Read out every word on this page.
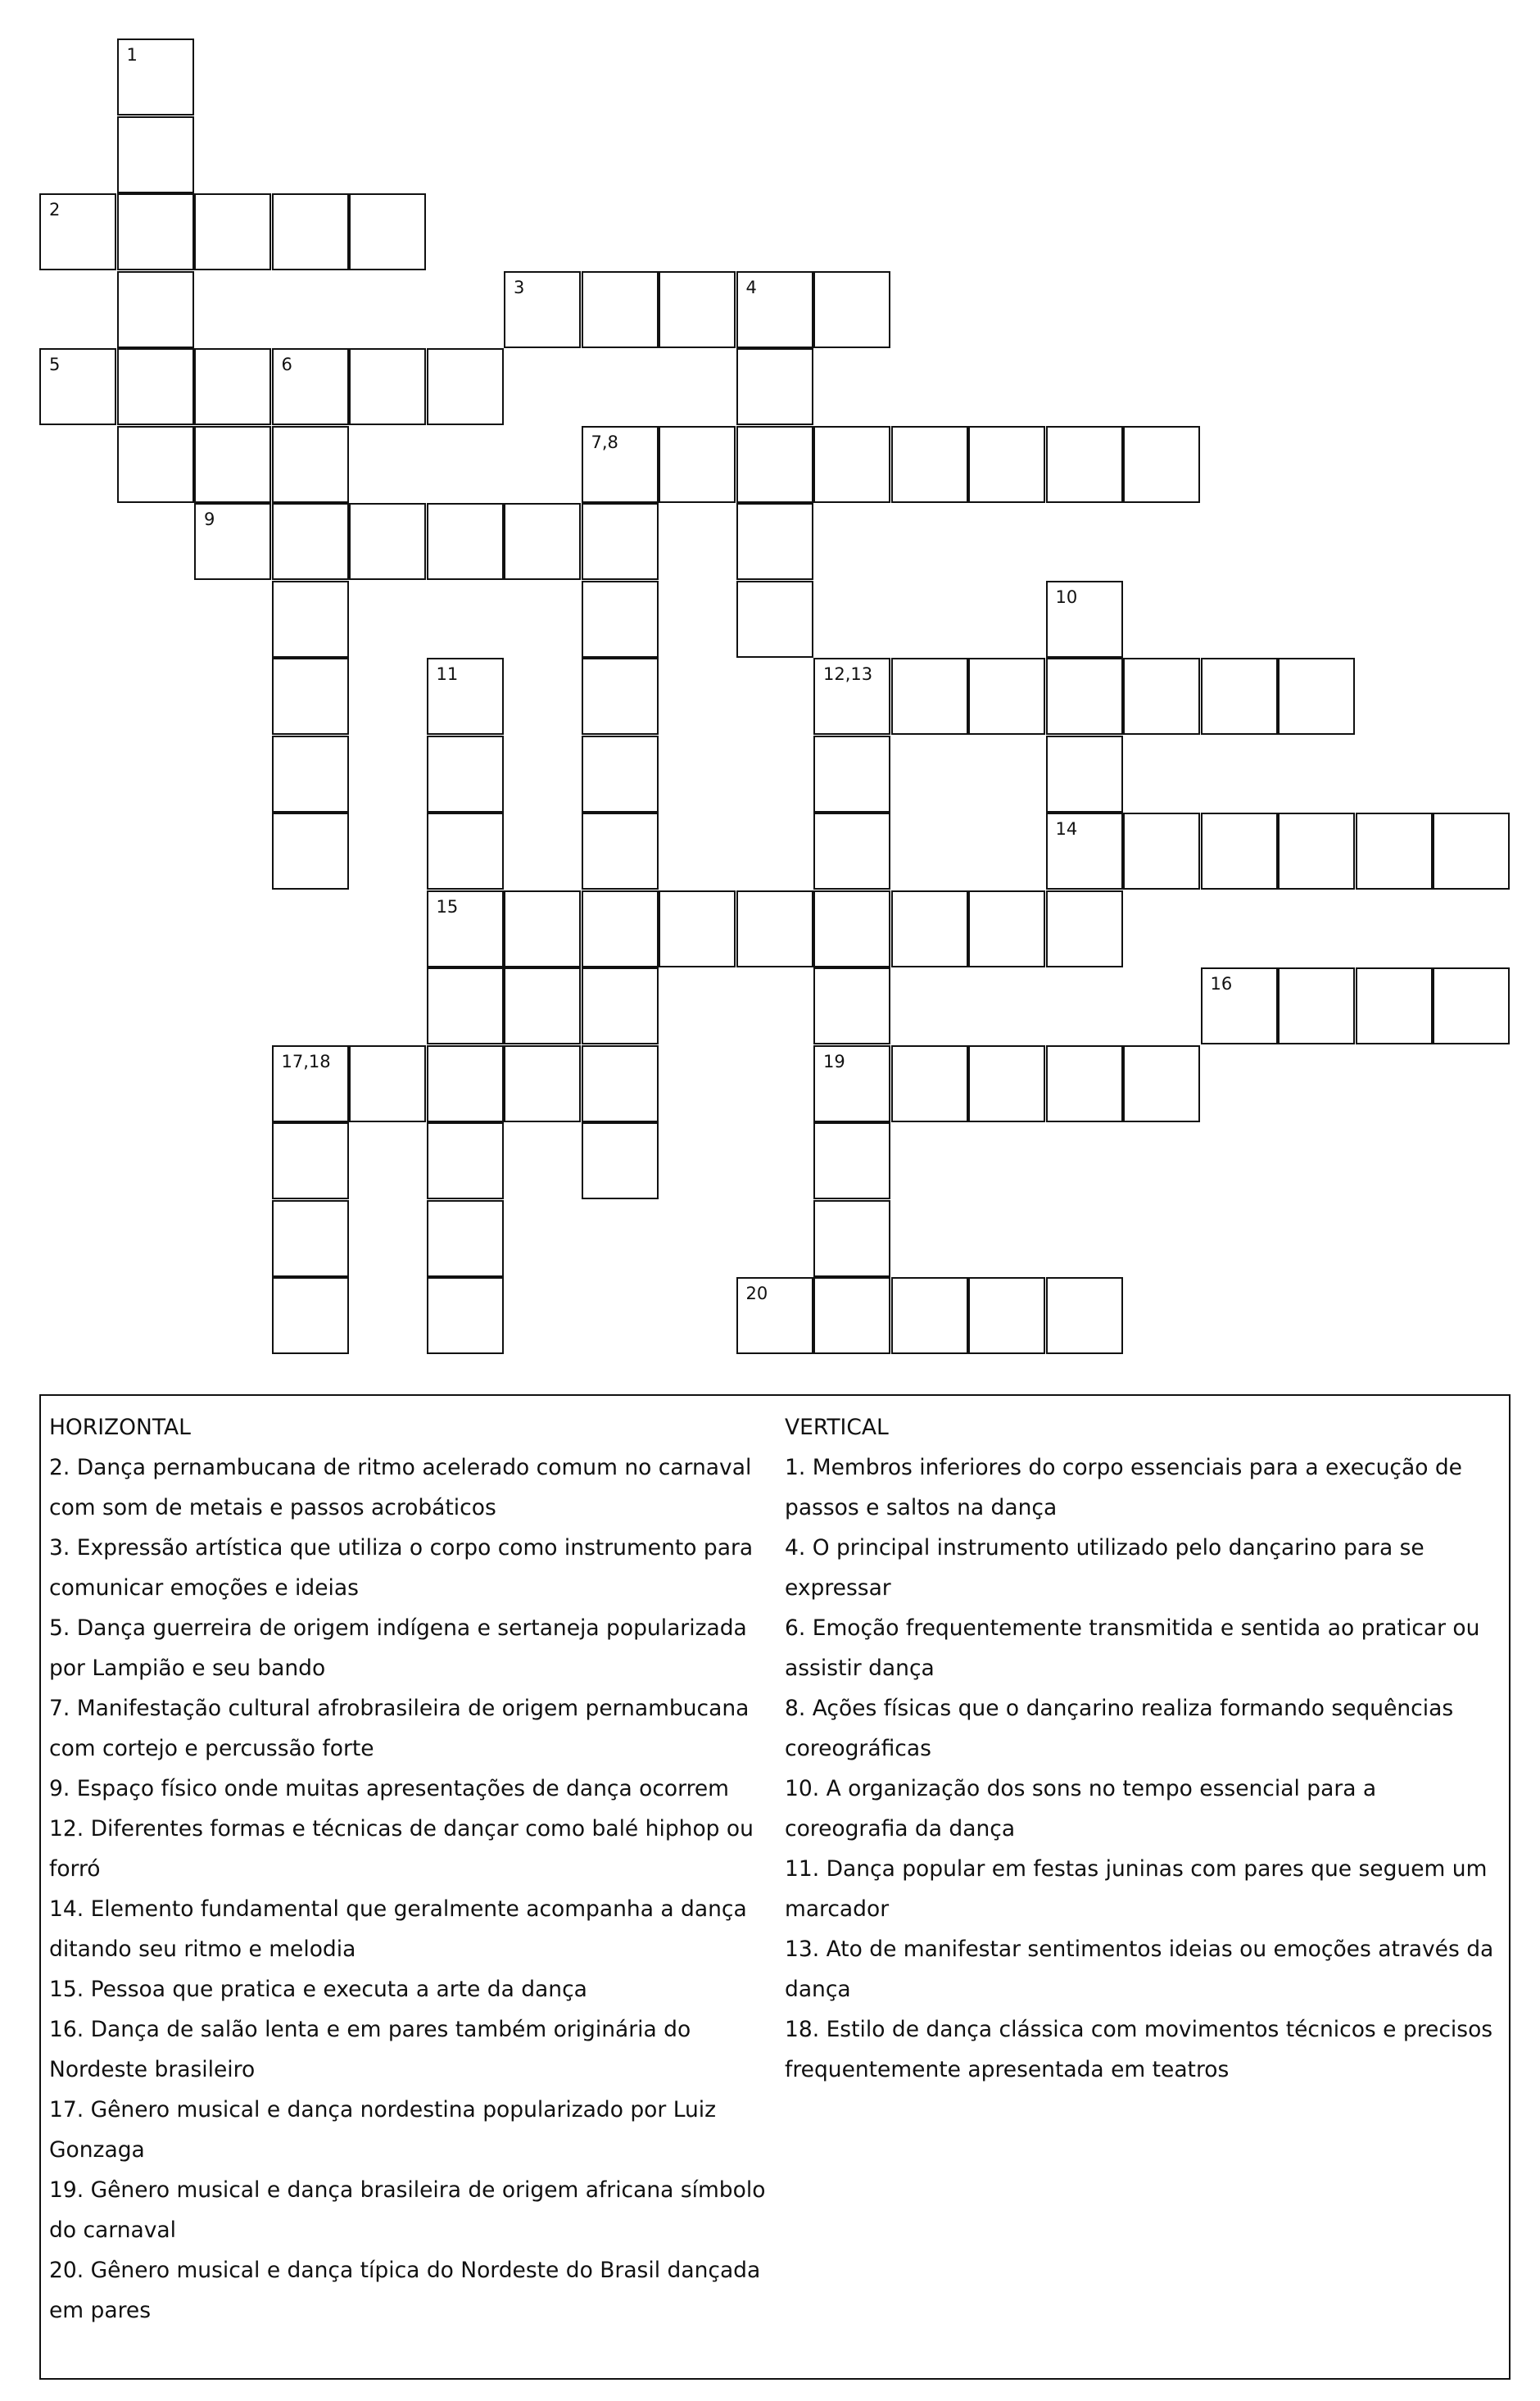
1
2
3	4
5	6
7,8
9
10
11	12,13
14
15
16
17,18	19
20

HORIZONTAL

2. Dança pernambucana de ritmo acelerado comum no carnaval com som de metais e passos acrobáticos

3. Expressão artística que utiliza o corpo como instrumento para comunicar emoções e ideias

5. Dança guerreira de origem indígena e sertaneja popularizada por Lampião e seu bando

7. Manifestação cultural afrobrasileira de origem pernambucana com cortejo e percussão forte

9. Espaço físico onde muitas apresentações de dança ocorrem

12. Diferentes formas e técnicas de dançar como balé hiphop ou forró

14. Elemento fundamental que geralmente acompanha a dança ditando seu ritmo e melodia

15. Pessoa que pratica e executa a arte da dança

16. Dança de salão lenta e em pares também originária do Nordeste brasileiro

17. Gênero musical e dança nordestina popularizado por Luiz Gonzaga

19. Gênero musical e dança brasileira de origem africana símbolo do carnaval

20. Gênero musical e dança típica do Nordeste do Brasil dançada em pares

VERTICAL

1. Membros inferiores do corpo essenciais para a execução de passos e saltos na dança

4. O principal instrumento utilizado pelo dançarino para se expressar

6. Emoção frequentemente transmitida e sentida ao praticar ou assistir dança

8. Ações físicas que o dançarino realiza formando sequências coreográficas

10. A organização dos sons no tempo essencial para a coreografia da dança

11. Dança popular em festas juninas com pares que seguem um marcador

13. Ato de manifestar sentimentos ideias ou emoções através da dança

18. Estilo de dança clássica com movimentos técnicos e precisos frequentemente apresentada em teatros
